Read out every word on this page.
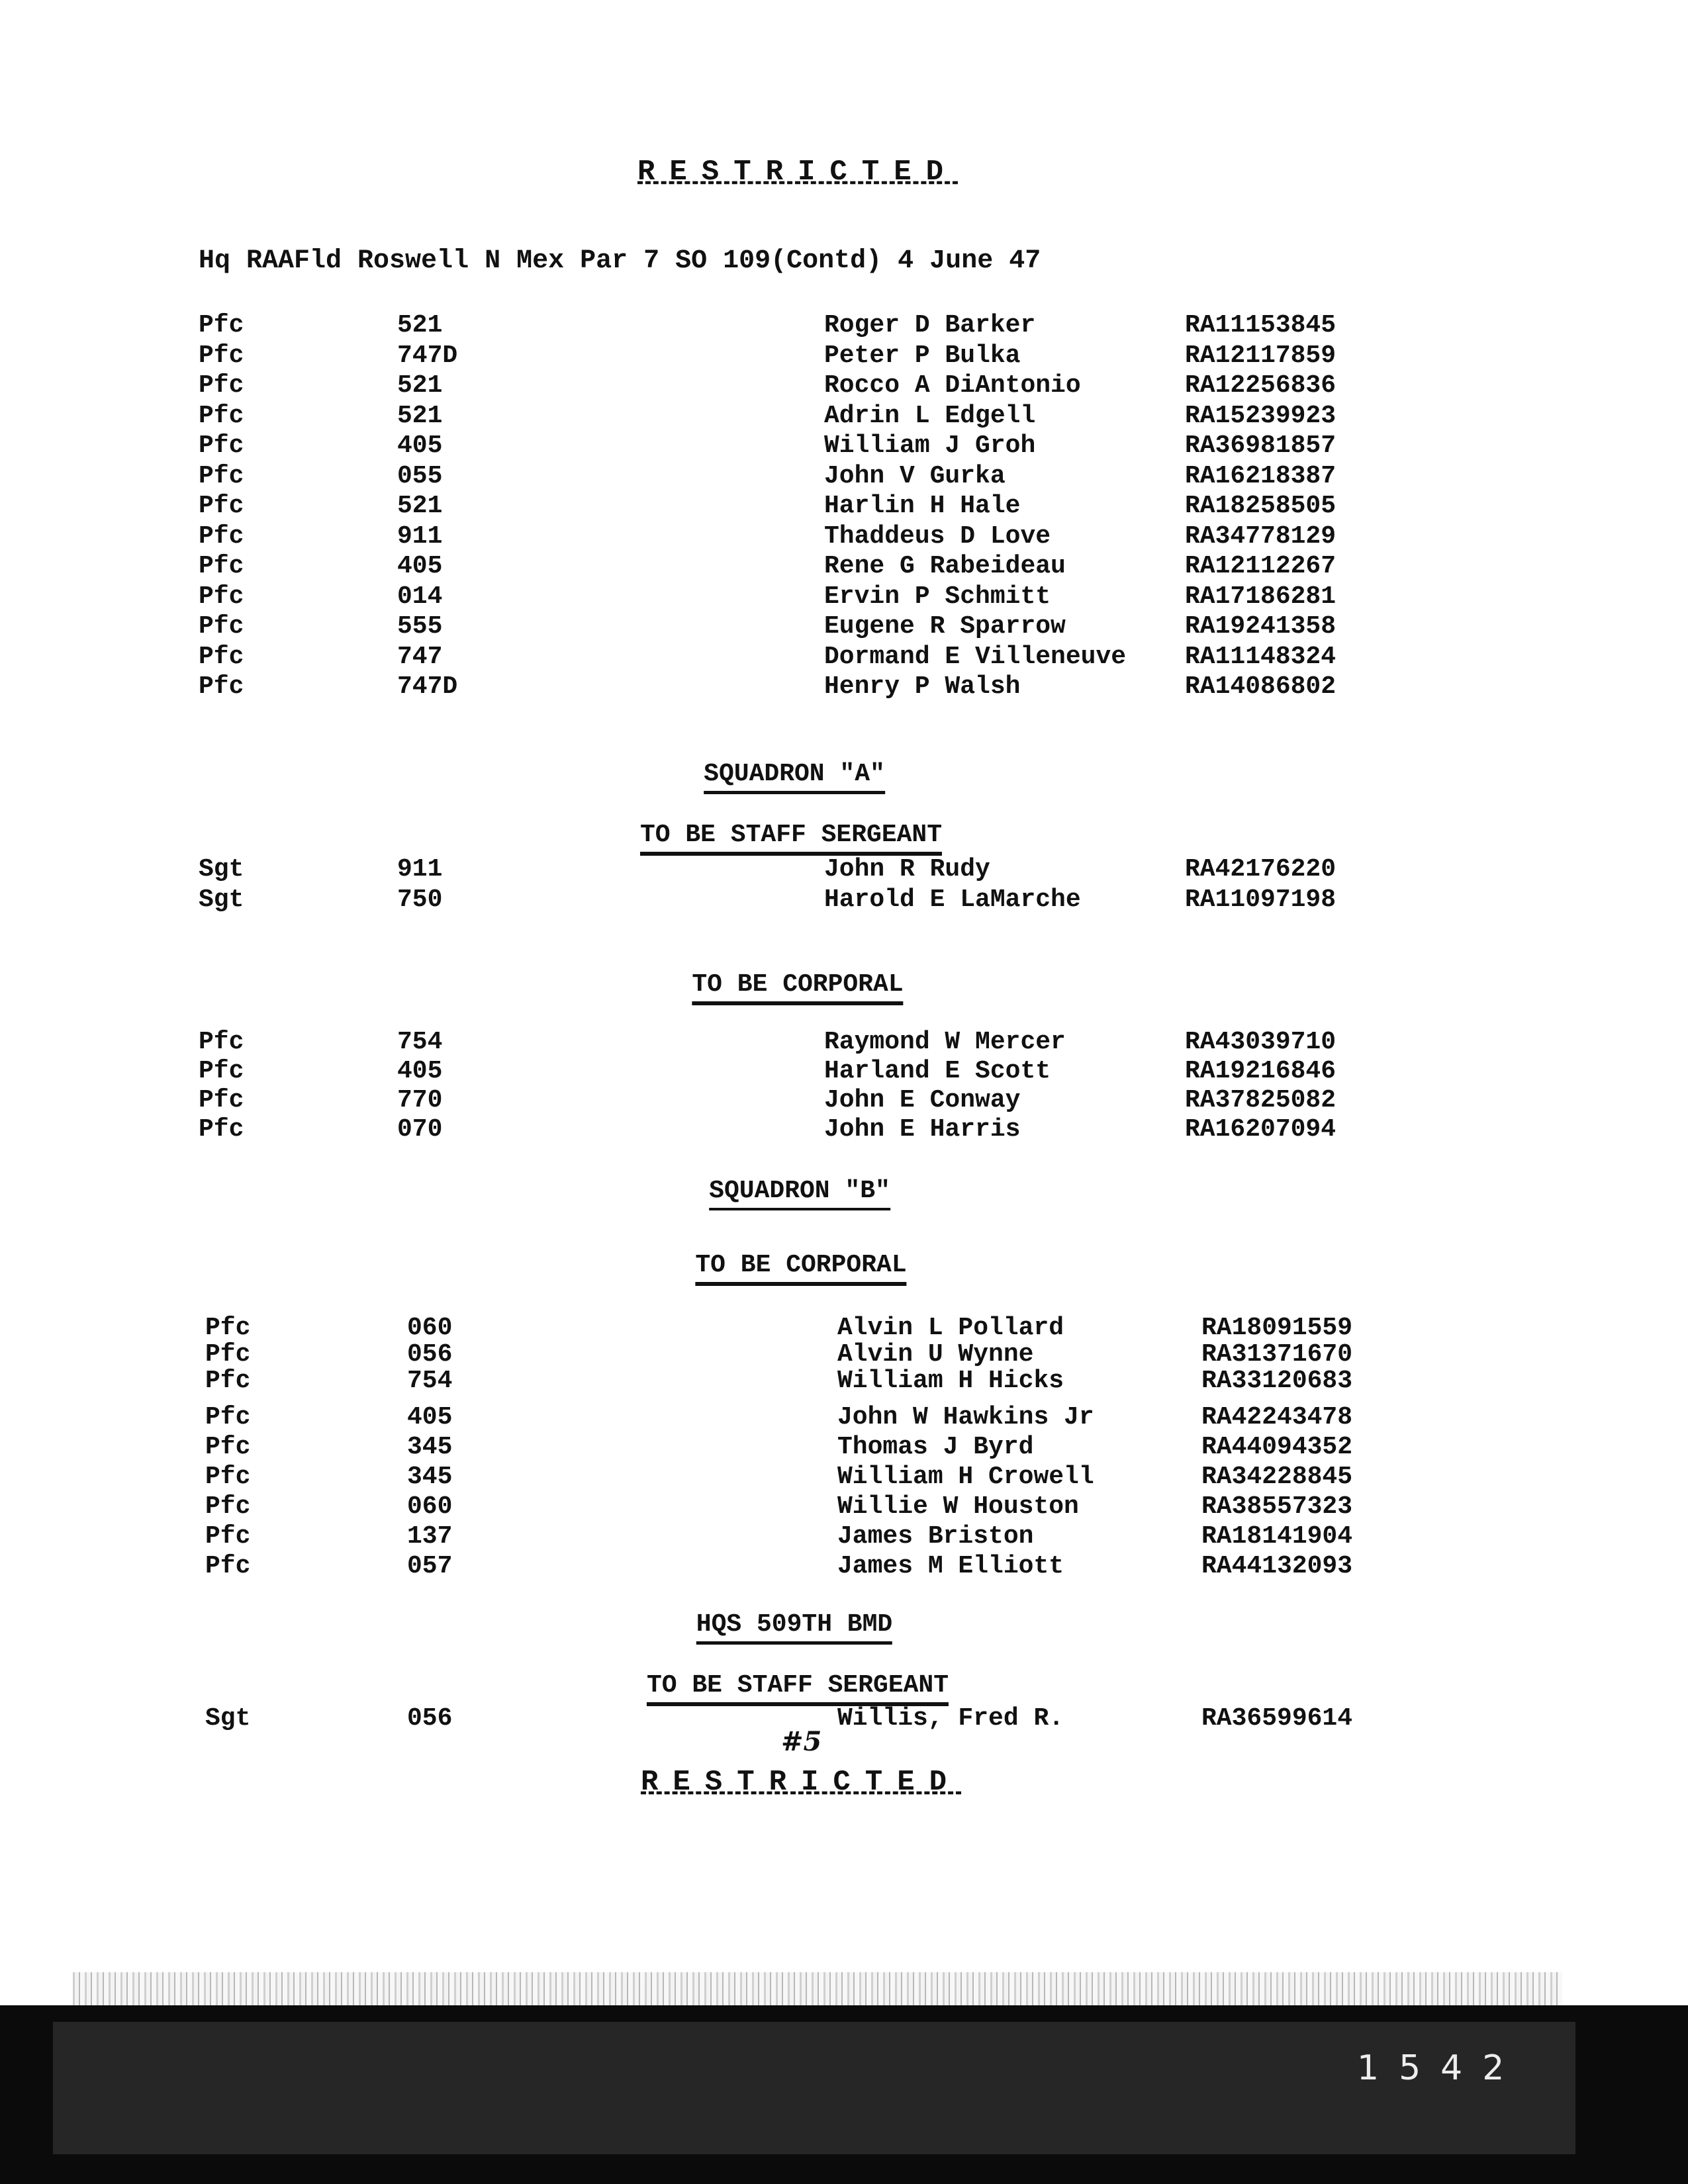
RESTRICTED
Hq RAAFld Roswell N Mex Par 7 SO 109(Contd) 4 June 47
Pfc	521	Roger D Barker	RA11153845
Pfc	747D	Peter P Bulka	RA12117859
Pfc	521	Rocco A DiAntonio	RA12256836
Pfc	521	Adrin L Edgell	RA15239923
Pfc	405	William J Groh	RA36981857
Pfc	055	John V Gurka	RA16218387
Pfc	521	Harlin H Hale	RA18258505
Pfc	911	Thaddeus D Love	RA34778129
Pfc	405	Rene G Rabeideau	RA12112267
Pfc	014	Ervin P Schmitt	RA17186281
Pfc	555	Eugene R Sparrow	RA19241358
Pfc	747	Dormand E Villeneuve RA11148324
Pfc	747D	Henry P Walsh	RA14086802
SQUADRON "A"
TO BE STAFF SERGEANT
Sgt	911	John R Rudy	RA42176220
Sgt	750	Harold E LaMarche	RA11097198
TO BE CORPORAL
Pfc	754	Raymond W Mercer	RA43039710
Pfc	405	Harland E Scott	RA19216846
Pfc	770	John E Conway	RA37825082
Pfc	070	John E Harris	RA16207094
SQUADRON "B"
TO BE CORPORAL
Pfc	060	Alvin L Pollard	RA18091559
Pfc	056	Alvin U Wynne	RA31371670
Pfc	754	William H Hicks	RA33120683
Pfc	405	John W Hawkins Jr	RA42243478
Pfc	345	Thomas J Byrd	RA44094352
Pfc	345	William H Crowell	RA34228845
Pfc	060	Willie W Houston	RA38557323
Pfc	137	James Briston	RA18141904
Pfc	057	James M Elliott	RA44132093
HQS 509TH BMD
TO BE STAFF SERGEANT
Sgt	056	Willis, Fred R.	RA36599614
#5
RESTRICTED
1542
